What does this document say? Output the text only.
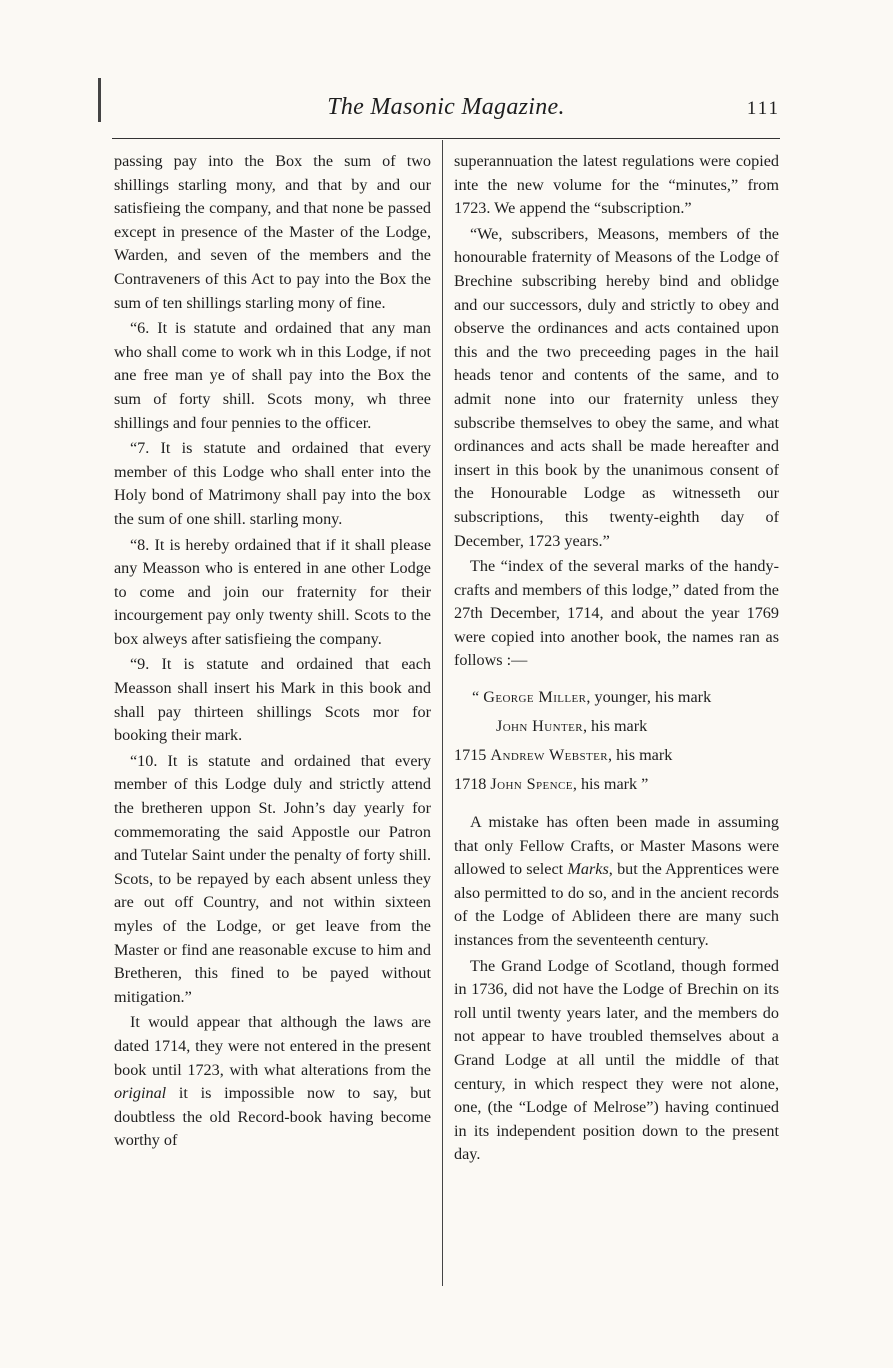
The Masonic Magazine.	111

passing pay into the Box the sum of two shillings starling mony, and that by and our satisfieing the company, and that none be passed except in presence of the Master of the Lodge, Warden, and seven of the members and the Contraveners of this Act to pay into the Box the sum of ten shillings starling mony of fine.

“6. It is statute and ordained that any man who shall come to work wh in this Lodge, if not ane free man ye of shall pay into the Box the sum of forty shill. Scots mony, wh three shillings and four pennies to the officer.

“7. It is statute and ordained that every member of this Lodge who shall enter into the Holy bond of Matrimony shall pay into the box the sum of one shill. starling mony.

“8. It is hereby ordained that if it shall please any Measson who is entered in ane other Lodge to come and join our fraternity for their incourgement pay only twenty shill. Scots to the box alweys after satisfieing the company.

“9. It is statute and ordained that each Measson shall insert his Mark in this book and shall pay thirteen shillings Scots mor for booking their mark.

“10. It is statute and ordained that every member of this Lodge duly and strictly attend the bretheren uppon St. John’s day yearly for commemorating the said Appostle our Patron and Tutelar Saint under the penalty of forty shill. Scots, to be repayed by each absent unless they are out off Country, and not within sixteen myles of the Lodge, or get leave from the Master or find ane reasonable excuse to him and Bretheren, this fined to be payed without mitigation.”

It would appear that although the laws are dated 1714, they were not entered in the present book until 1723, with what alterations from the original it is impossible now to say, but doubtless the old Record-book having become worthy of

superannuation the latest regulations were copied inte the new volume for the “minutes,” from 1723. We append the “subscription.”

“We, subscribers, Measons, members of the honourable fraternity of Measons of the Lodge of Brechine subscribing hereby bind and oblidge and our successors, duly and strictly to obey and observe the ordinances and acts contained upon this and the two preceeding pages in the hail heads tenor and contents of the same, and to admit none into our fraternity unless they subscribe themselves to obey the same, and what ordinances and acts shall be made hereafter and insert in this book by the unanimous consent of the Honourable Lodge as witnesseth our subscriptions, this twenty-eighth day of December, 1723 years.”

The “index of the several marks of the handy-crafts and members of this lodge,” dated from the 27th December, 1714, and about the year 1769 were copied into another book, the names ran as follows :—

“ George Miller, younger, his mark
John Hunter, his mark
1715 Andrew Webster, his mark
1718 John Spence, his mark ”

A mistake has often been made in assuming that only Fellow Crafts, or Master Masons were allowed to select Marks, but the Apprentices were also permitted to do so, and in the ancient records of the Lodge of Ablideen there are many such instances from the seventeenth century.

The Grand Lodge of Scotland, though formed in 1736, did not have the Lodge of Brechin on its roll until twenty years later, and the members do not appear to have troubled themselves about a Grand Lodge at all until the middle of that century, in which respect they were not alone, one, (the “Lodge of Melrose”) having continued in its independent position down to the present day.
